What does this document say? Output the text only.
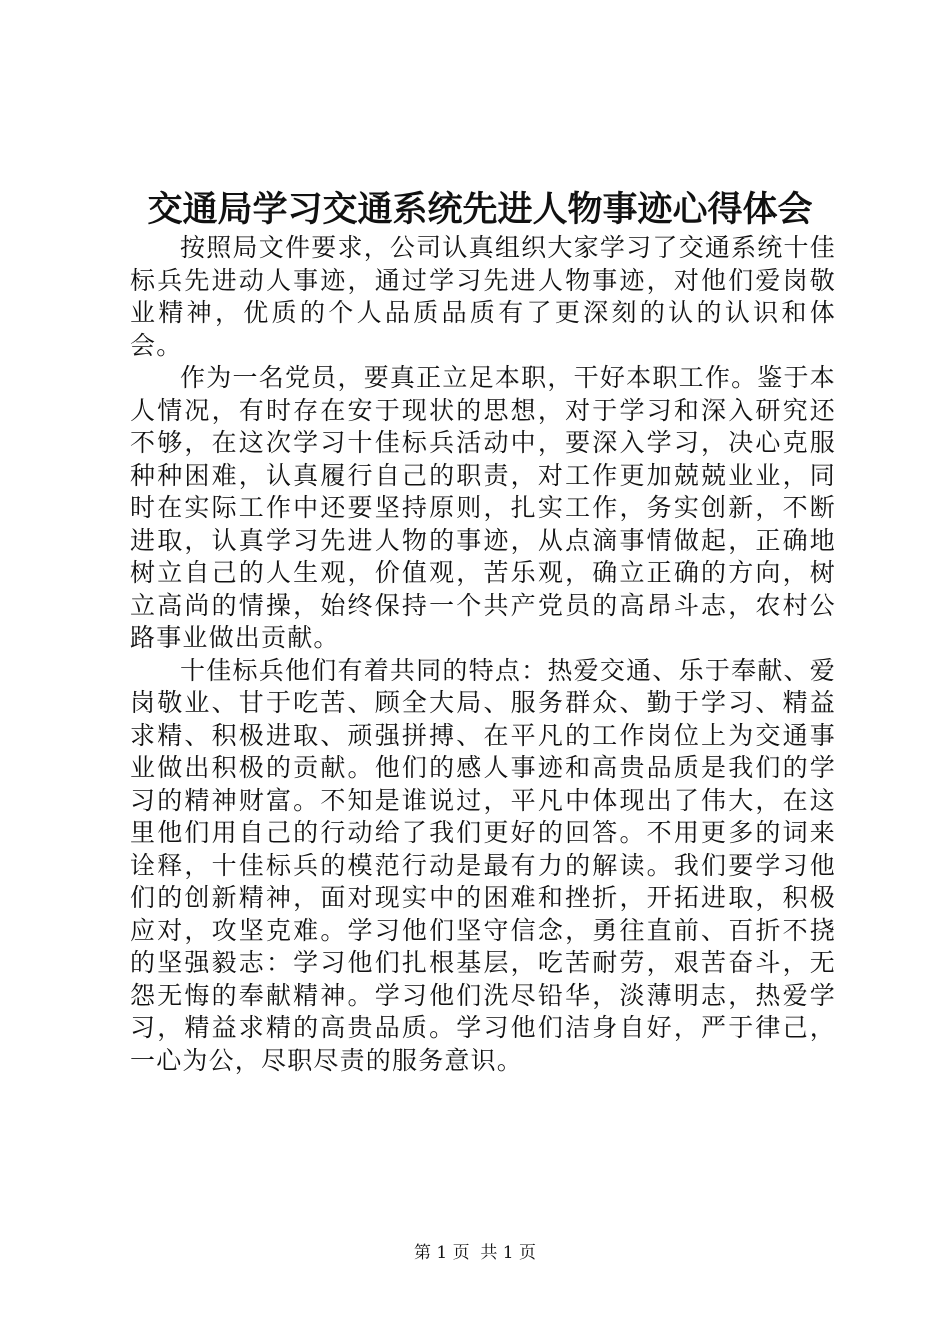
交通局学习交通系统先进人物事迹心得体会

按照局文件要求，公司认真组织大家学习了交通系统十佳标兵先进动人事迹，通过学习先进人物事迹，对他们爱岗敬业精神，优质的个人品质品质有了更深刻的认的认识和体会。

作为一名党员，要真正立足本职，干好本职工作。鉴于本人情况，有时存在安于现状的思想，对于学习和深入研究还不够，在这次学习十佳标兵活动中，要深入学习，决心克服种种困难，认真履行自己的职责，对工作更加兢兢业业，同时在实际工作中还要坚持原则，扎实工作，务实创新，不断进取，认真学习先进人物的事迹，从点滴事情做起，正确地树立自己的人生观，价值观，苦乐观，确立正确的方向，树立高尚的情操，始终保持一个共产党员的高昂斗志，农村公路事业做出贡献。

十佳标兵他们有着共同的特点：热爱交通、乐于奉献、爱岗敬业、甘于吃苦、顾全大局、服务群众、勤于学习、精益求精、积极进取、顽强拼搏、在平凡的工作岗位上为交通事业做出积极的贡献。他们的感人事迹和高贵品质是我们的学习的精神财富。不知是谁说过，平凡中体现出了伟大，在这里他们用自己的行动给了我们更好的回答。不用更多的词来诠释，十佳标兵的模范行动是最有力的解读。我们要学习他们的创新精神，面对现实中的困难和挫折，开拓进取，积极应对，攻坚克难。学习他们坚守信念，勇往直前、百折不挠的坚强毅志：学习他们扎根基层，吃苦耐劳，艰苦奋斗，无怨无悔的奉献精神。学习他们洗尽铅华，淡薄明志，热爱学习，精益求精的高贵品质。学习他们洁身自好，严于律己，一心为公，尽职尽责的服务意识。

第 1 页  共 1 页
